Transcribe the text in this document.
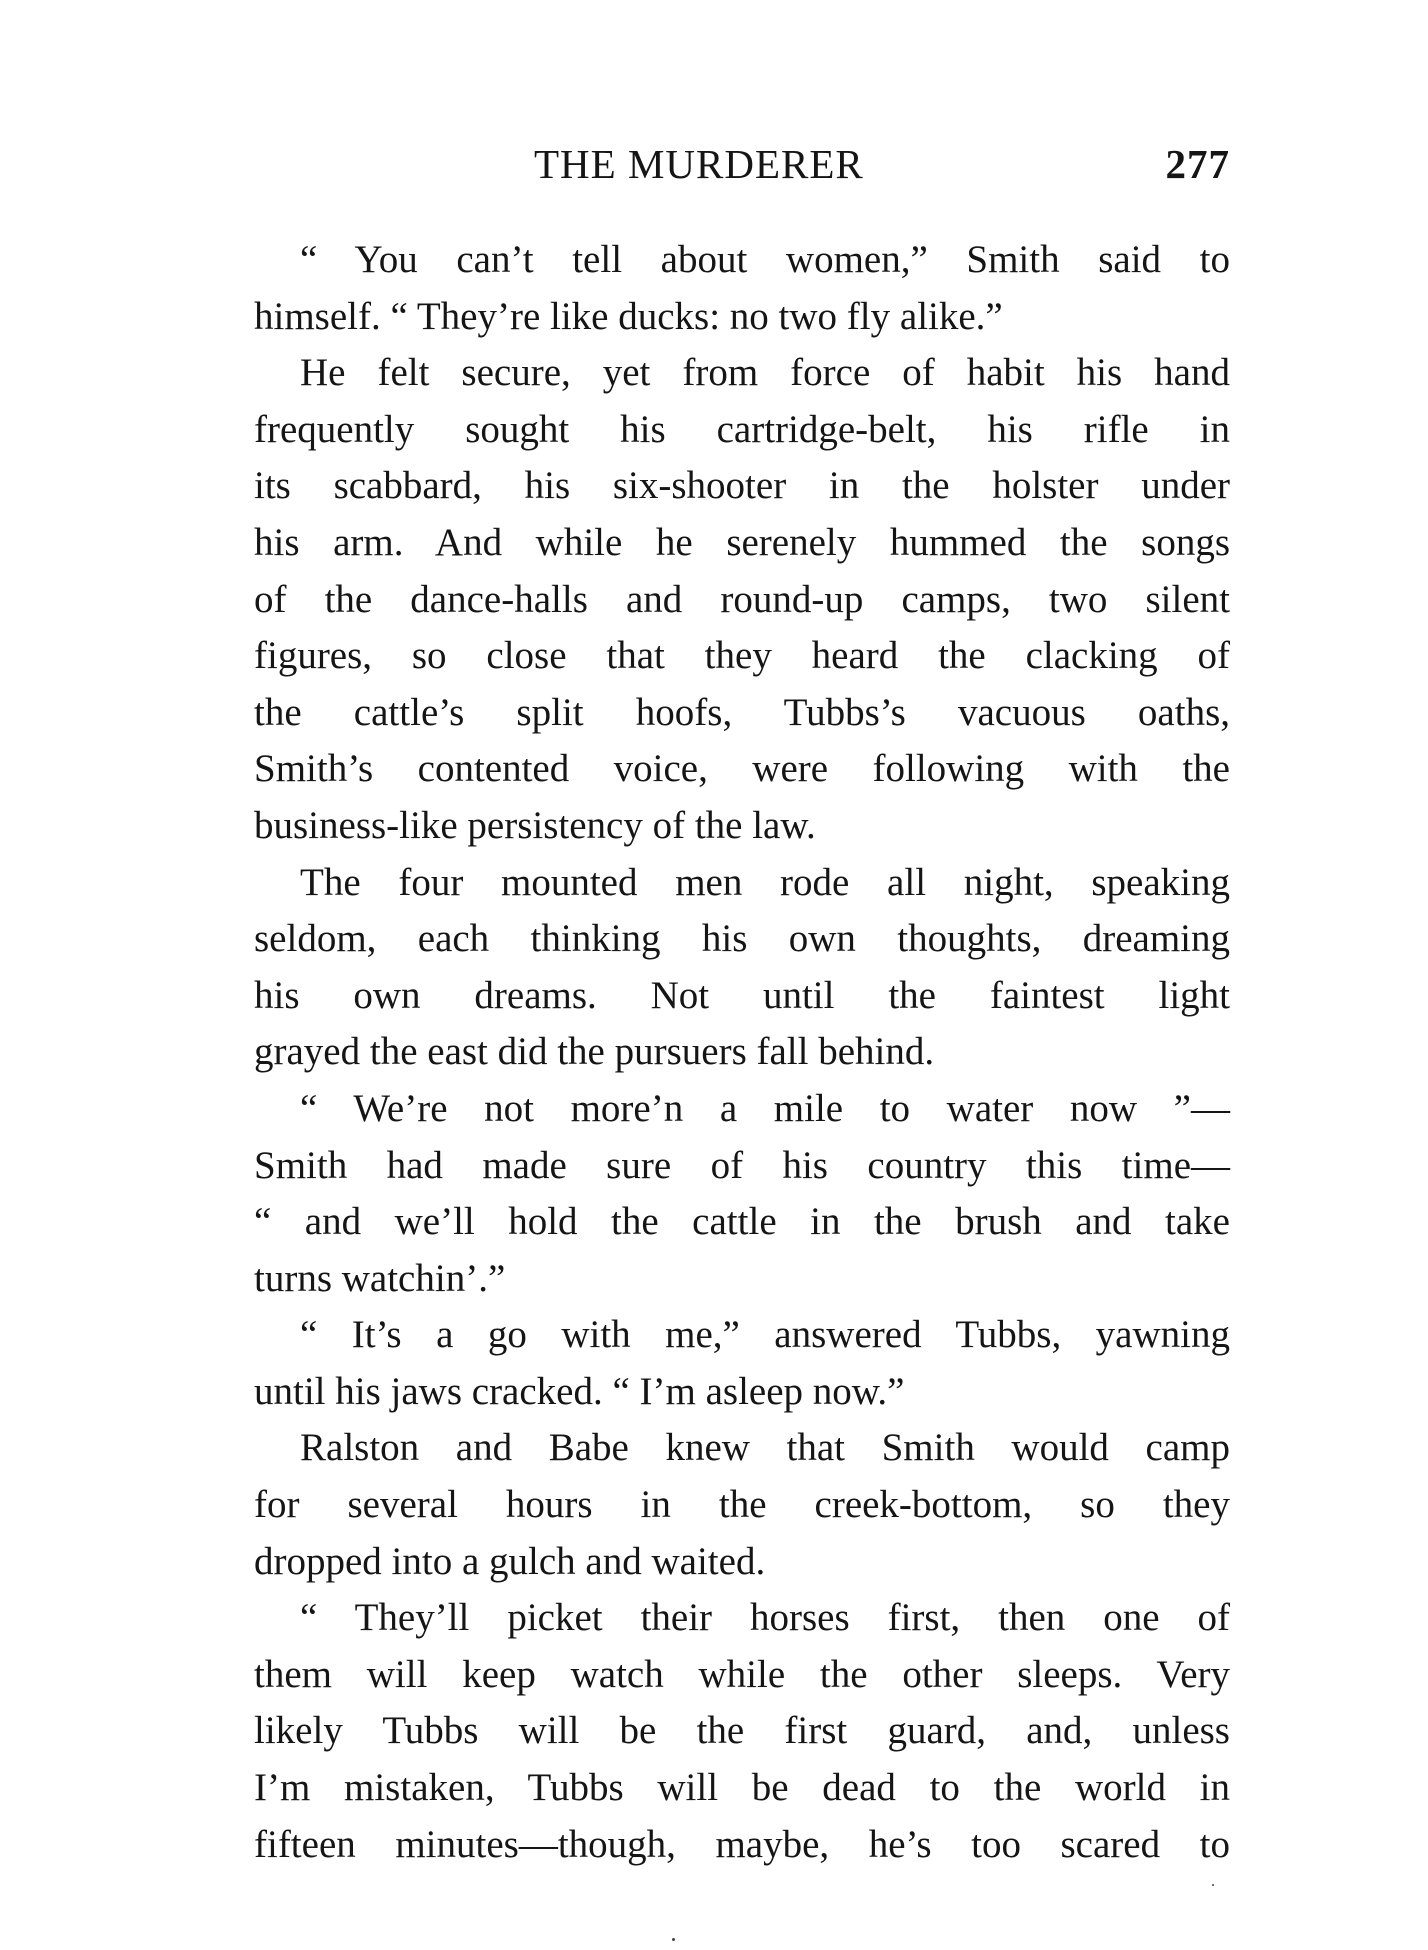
THE MURDERER	277
“ You can’t tell about women,” Smith said to
himself. “ They’re like ducks: no two fly alike.”
He felt secure, yet from force of habit his hand
frequently sought his cartridge-belt, his rifle in
its scabbard, his six-shooter in the holster under
his arm. And while he serenely hummed the songs
of the dance-halls and round-up camps, two silent
figures, so close that they heard the clacking of
the cattle’s split hoofs, Tubbs’s vacuous oaths,
Smith’s contented voice, were following with the
business-like persistency of the law.
The four mounted men rode all night, speaking
seldom, each thinking his own thoughts, dreaming
his own dreams. Not until the faintest light
grayed the east did the pursuers fall behind.
“ We’re not more’n a mile to water now ”—
Smith had made sure of his country this time—
“ and we’ll hold the cattle in the brush and take
turns watchin’.”
“ It’s a go with me,” answered Tubbs, yawning
until his jaws cracked. “ I’m asleep now.”
Ralston and Babe knew that Smith would camp
for several hours in the creek-bottom, so they
dropped into a gulch and waited.
“ They’ll picket their horses first, then one of
them will keep watch while the other sleeps. Very
likely Tubbs will be the first guard, and, unless
I’m mistaken, Tubbs will be dead to the world in
fifteen minutes—though, maybe, he’s too scared to
